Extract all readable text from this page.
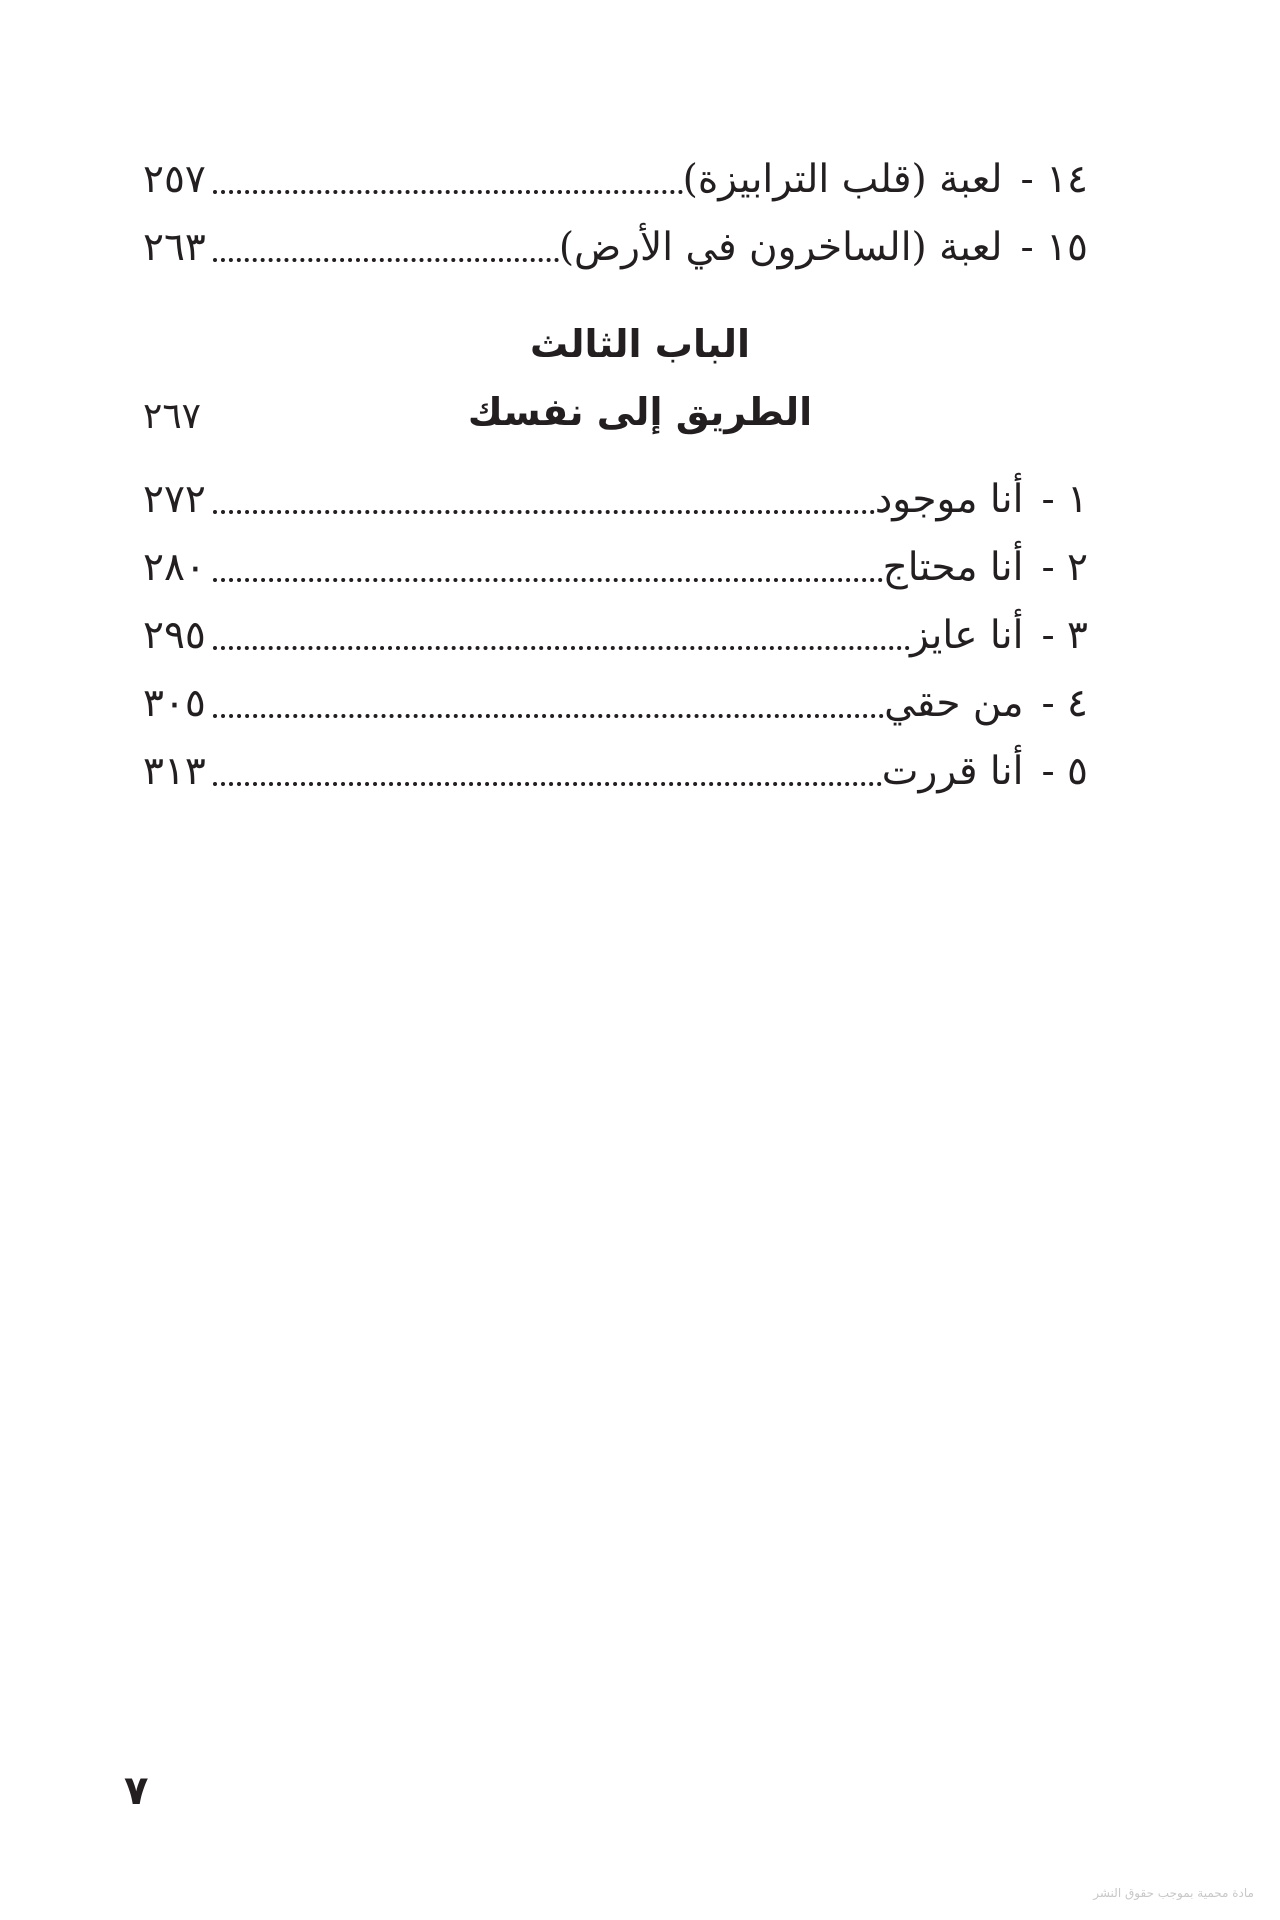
١٤ -
لعبة (قلب الترابيزة)
٢٥٧
١٥ -
لعبة (الساخرون في الأرض)
٢٦٣
الباب الثالث
الطريق إلى نفسك
٢٦٧
١ -
أنا موجود
٢٧٢
٢ -
أنا محتاج
٢٨٠
٣ -
أنا عايز
٢٩٥
٤ -
من حقي
٣٠٥
٥ -
أنا قررت
٣١٣
٧
مادة محمية بموجب حقوق النشر
